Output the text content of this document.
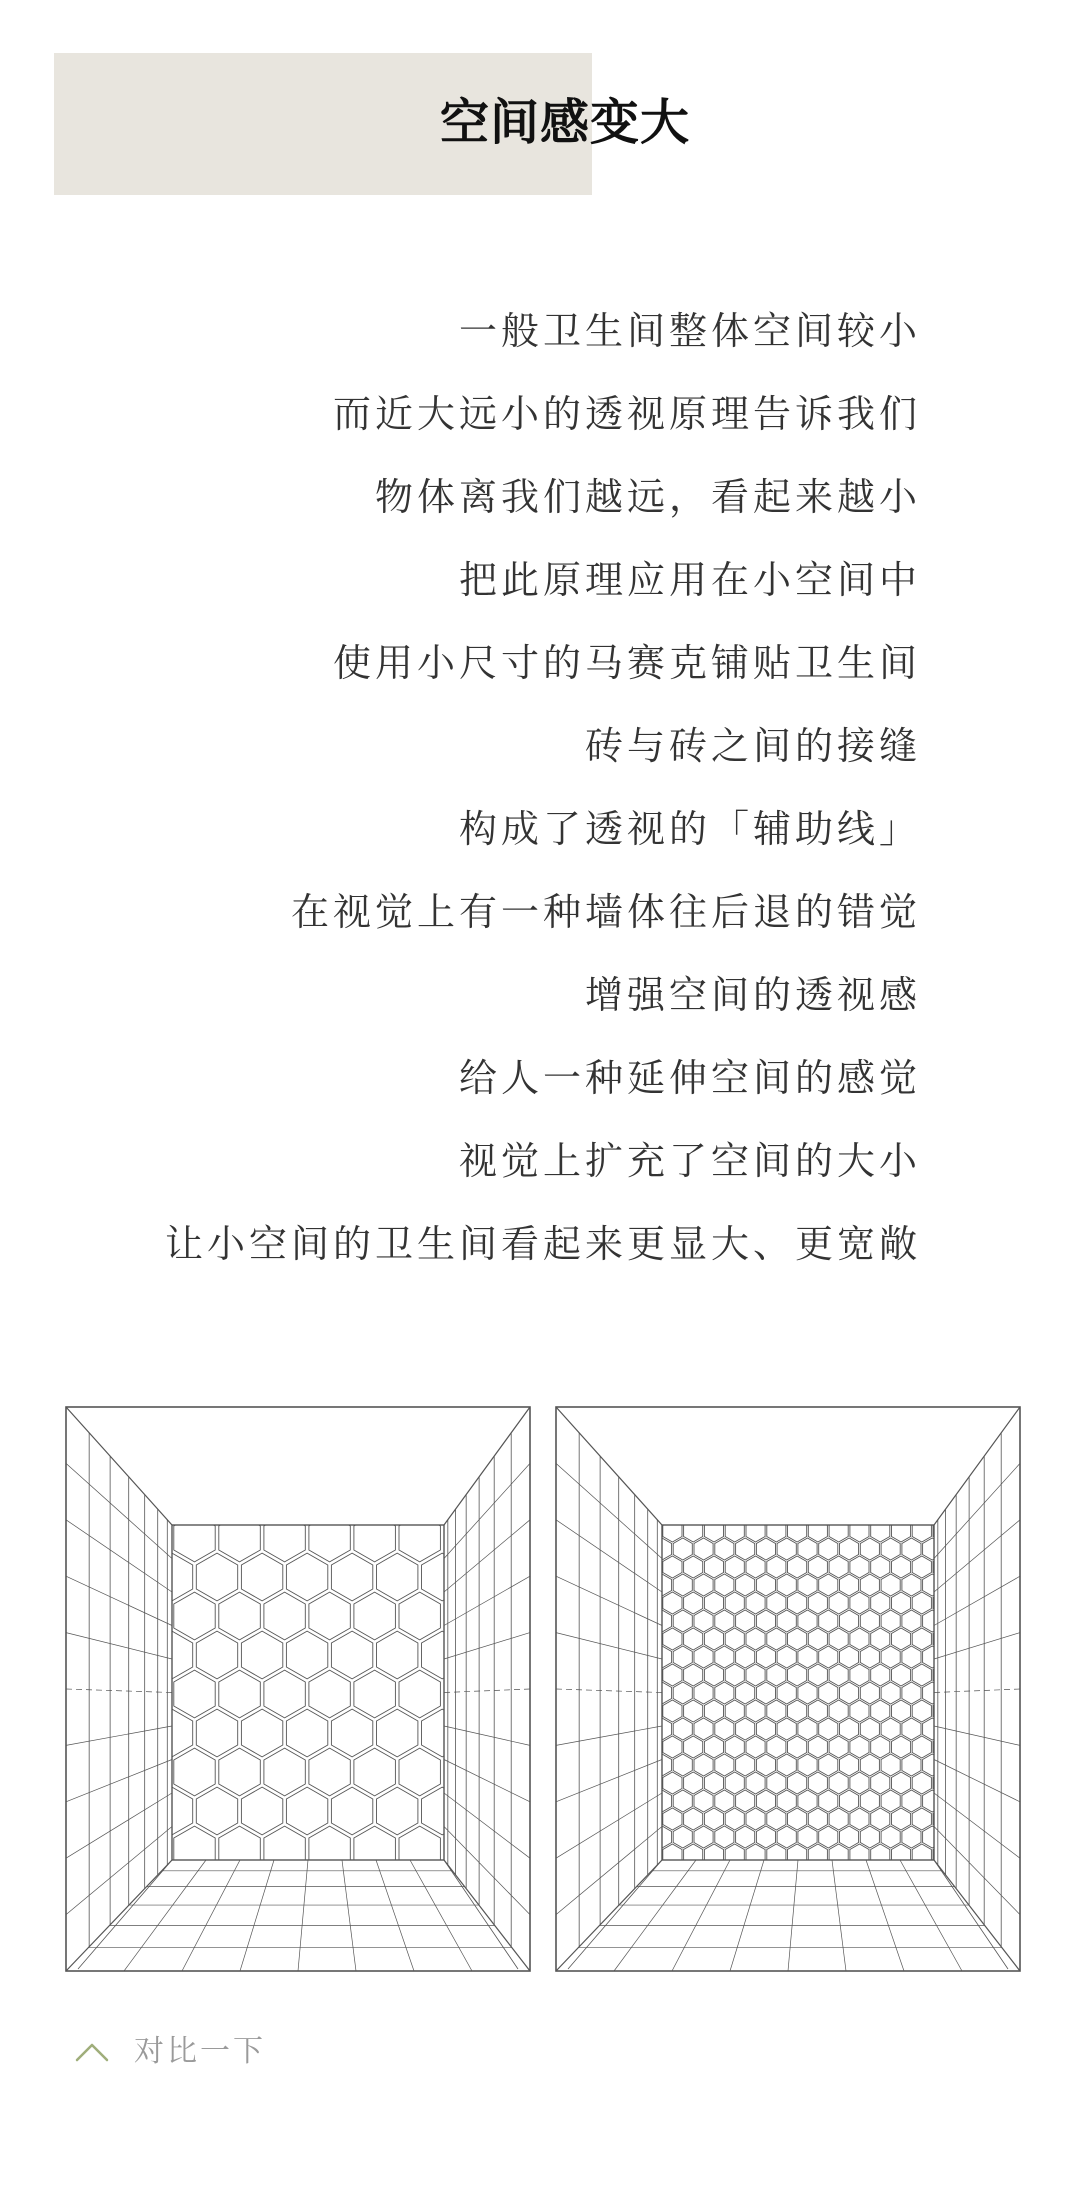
空间感变大
一般卫生间整体空间较小
而近大远小的透视原理告诉我们
物体离我们越远，看起来越小
把此原理应用在小空间中
使用小尺寸的马赛克铺贴卫生间
砖与砖之间的接缝
构成了透视的「辅助线」
在视觉上有一种墙体往后退的错觉
增强空间的透视感
给人一种延伸空间的感觉
视觉上扩充了空间的大小
让小空间的卫生间看起来更显大、更宽敞
对比一下
